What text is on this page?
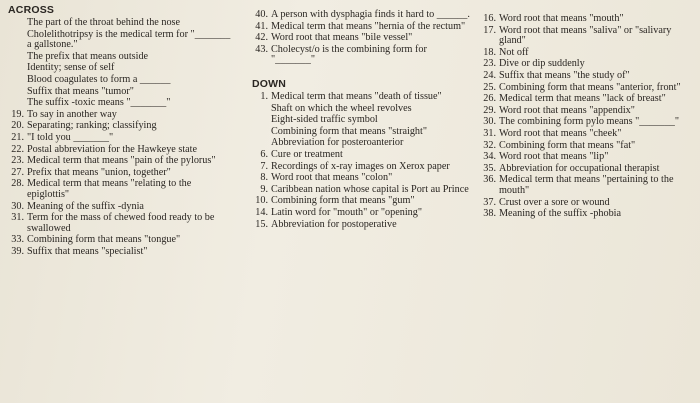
ACROSS
The part of the throat behind the nose
Cholelithotripsy is the medical term for "_______ a gallstone."
The prefix that means outside
Identity; sense of self
Blood coagulates to form a ______
Suffix that means "tumor"
The suffix -toxic means "_______"
19. To say in another way
20. Separating; ranking; classifying
21. "I told you _______"
22. Postal abbreviation for the Hawkeye state
23. Medical term that means "pain of the pylorus"
27. Prefix that means "union, together"
28. Medical term that means "relating to the epiglottis"
30. Meaning of the suffix -dynia
31. Term for the mass of chewed food ready to be swallowed
33. Combining form that means "tongue"
39. Suffix that means "specialist"
40. A person with dysphagia finds it hard to ______.
41. Medical term that means "hernia of the rectum"
42. Word root that means "bile vessel"
43. Cholecyst/o is the combining form for "_______"
DOWN
1. Medical term that means "death of tissue"
Shaft on which the wheel revolves
Eight-sided traffic symbol
Combining form that means "straight"
Abbreviation for posteroanterior
6. Cure or treatment
7. Recordings of x-ray images on Xerox paper
8. Word root that means "colon"
9. Caribbean nation whose capital is Port au Prince
10. Combining form that means "gum"
14. Latin word for "mouth" or "opening"
15. Abbreviation for postoperative
16. Word root that means "mouth"
17. Word root that means "saliva" or "salivary gland"
18. Not off
23. Dive or dip suddenly
24. Suffix that means "the study of"
25. Combining form that means "anterior, front"
26. Medical term that means "lack of breast"
29. Word root that means "appendix"
30. The combining form pylo means "_______"
31. Word root that means "cheek"
32. Combining form that means "fat"
34. Word root that means "lip"
35. Abbreviation for occupational therapist
36. Medical term that means "pertaining to the mouth"
37. Crust over a sore or wound
38. Meaning of the suffix -phobia
